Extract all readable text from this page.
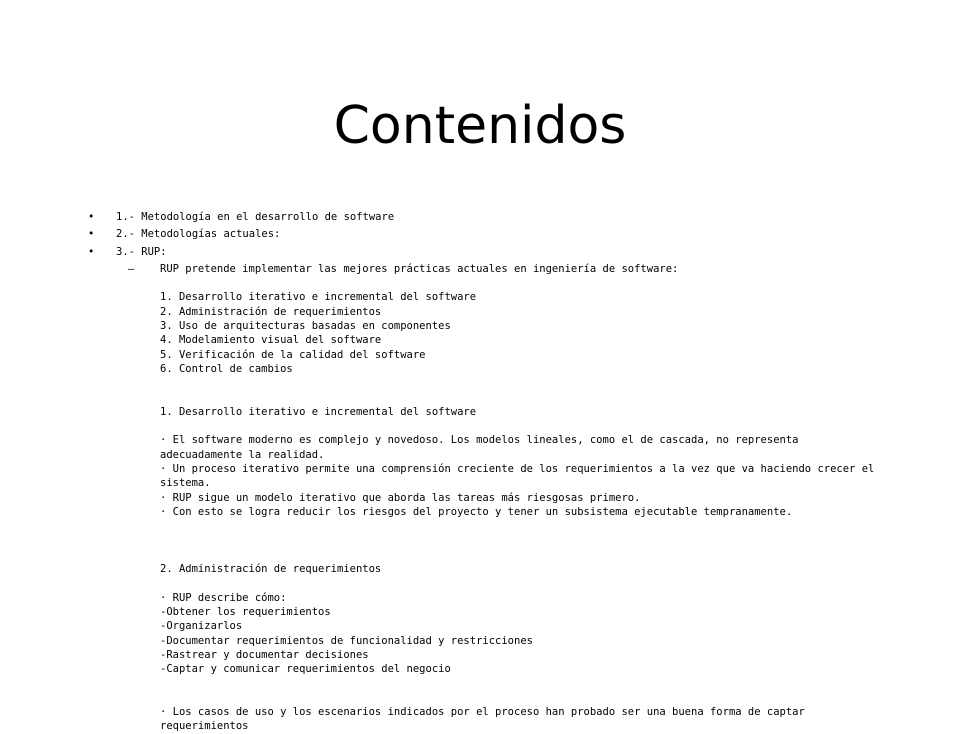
Contenidos
• 1.- Metodología en el desarrollo de software
• 2.- Metodologías actuales:
• 3.- RUP:
– RUP pretende implementar las mejores prácticas actuales en ingeniería de software:
1. Desarrollo iterativo e incremental del software
2. Administración de requerimientos
3. Uso de arquitecturas basadas en componentes
4. Modelamiento visual del software
5. Verificación de la calidad del software
6. Control de cambios
1. Desarrollo iterativo e incremental del software
· El software moderno es complejo y novedoso. Los modelos lineales, como el de cascada, no representa adecuadamente la realidad.
· Un proceso iterativo permite una comprensión creciente de los requerimientos a la vez que va haciendo crecer el sistema.
· RUP sigue un modelo iterativo que aborda las tareas más riesgosas primero.
· Con esto se logra reducir los riesgos del proyecto y tener un subsistema ejecutable tempranamente.
2. Administración de requerimientos
· RUP describe cómo:
-Obtener los requerimientos
-Organizarlos
-Documentar requerimientos de funcionalidad y restricciones
-Rastrear y documentar decisiones
-Captar y comunicar requerimientos del negocio
· Los casos de uso y los escenarios indicados por el proceso han probado ser una buena forma de captar requerimientos
